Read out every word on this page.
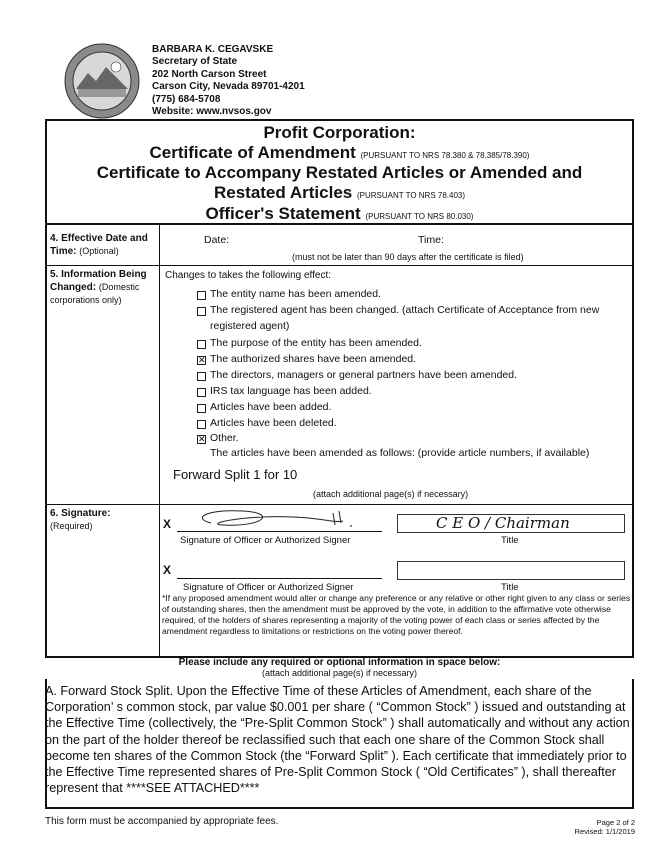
BARBARA K. CEGAVSKE
Secretary of State
202 North Carson Street
Carson City, Nevada 89701-4201
(775) 684-5708
Website: www.nvsos.gov
Profit Corporation:
Certificate of Amendment (PURSUANT TO NRS 78.380 & 78.385/78.390)
Certificate to Accompany Restated Articles or Amended and
Restated Articles (PURSUANT TO NRS 78.403)
Officer's Statement (PURSUANT TO NRS 80.030)
4. Effective Date and
Time: (Optional)
Date:	Time:
(must not be later than 90 days after the certificate is filed)
5. Information Being
Changed: (Domestic
corporations only)
Changes to takes the following effect:
The entity name has been amended.
The registered agent has been changed. (attach Certificate of Acceptance from new
registered agent)
The purpose of the entity has been amended.
✕ The authorized shares have been amended.
The directors, managers or general partners have been amended.
IRS tax language has been added.
Articles have been added.
Articles have been deleted.
✕ Other.
The articles have been amended as follows: (provide article numbers, if available)
Forward Split 1 for 10
(attach additional page(s) if necessary)
6. Signature:
(Required)	X
Signature of Officer or Authorized Signer
C E O / Chairman
Title
X
Signature of Officer or Authorized Signer	Title
*If any proposed amendment would alter or change any preference or any relative or other right given to any class or series of outstanding shares, then the amendment must be approved by the vote, in addition to the affirmative vote otherwise required, of the holders of shares representing a majority of the voting power of each class or series affected by the amendment regardless to limitations or restrictions on the voting power thereof.
Please include any required or optional information in space below:
(attach additional page(s) if necessary)
A. Forward Stock Split. Upon the Effective Time of these Articles of Amendment, each share of the Corporation’ s common stock, par value $0.001 per share ( “Common Stock” ) issued and outstanding at the Effective Time (collectively, the “Pre-Split Common Stock” ) shall automatically and without any action on the part of the holder thereof be reclassified such that each one share of the Common Stock shall become ten shares of the Common Stock (the “Forward Split” ). Each certificate that immediately prior to the Effective Time represented shares of Pre-Split Common Stock ( “Old Certificates” ), shall thereafter represent that ****SEE ATTACHED****
This form must be accompanied by appropriate fees.	Page 2 of 2
Revised: 1/1/2019
